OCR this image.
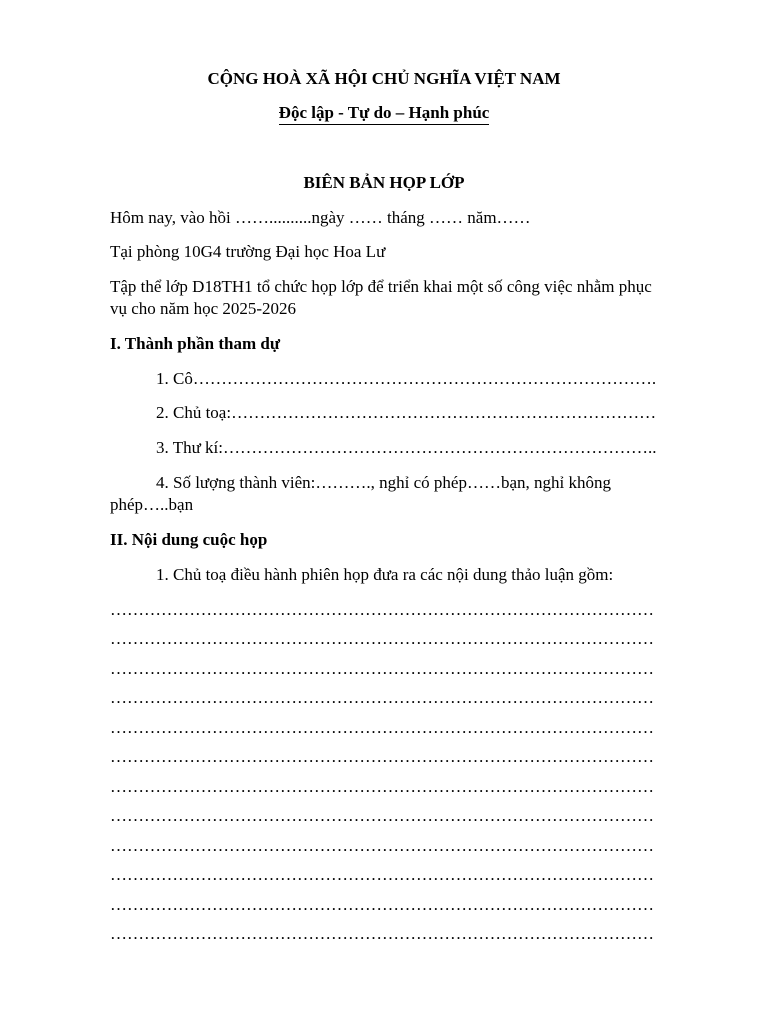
CỘNG HOÀ XÃ HỘI CHỦ NGHĨA VIỆT NAM
Độc lập - Tự do – Hạnh phúc
BIÊN BẢN HỌP LỚP
Hôm nay, vào hồi ……..........ngày …… tháng …… năm……
Tại phòng 10G4 trường Đại học Hoa Lư
Tập thể lớp D18TH1 tổ chức họp lớp để triển khai một số công việc nhằm phục
vụ cho năm học 2025-2026
I. Thành phần tham dự
1. Cô……………………………………………………………………….
2. Chủ toạ:…………………………………………………………………
3. Thư kí:…………………………………………………………………..
4. Số lượng thành viên:………., nghỉ có phép……bạn, nghỉ không
phép…..bạn
II. Nội dung cuộc họp
1. Chủ toạ điều hành phiên họp đưa ra các nội dung thảo luận gồm:
……………………………………………………………………………………
……………………………………………………………………………………
……………………………………………………………………………………
……………………………………………………………………………………
……………………………………………………………………………………
……………………………………………………………………………………
……………………………………………………………………………………
……………………………………………………………………………………
……………………………………………………………………………………
……………………………………………………………………………………
……………………………………………………………………………………
……………………………………………………………………………………
